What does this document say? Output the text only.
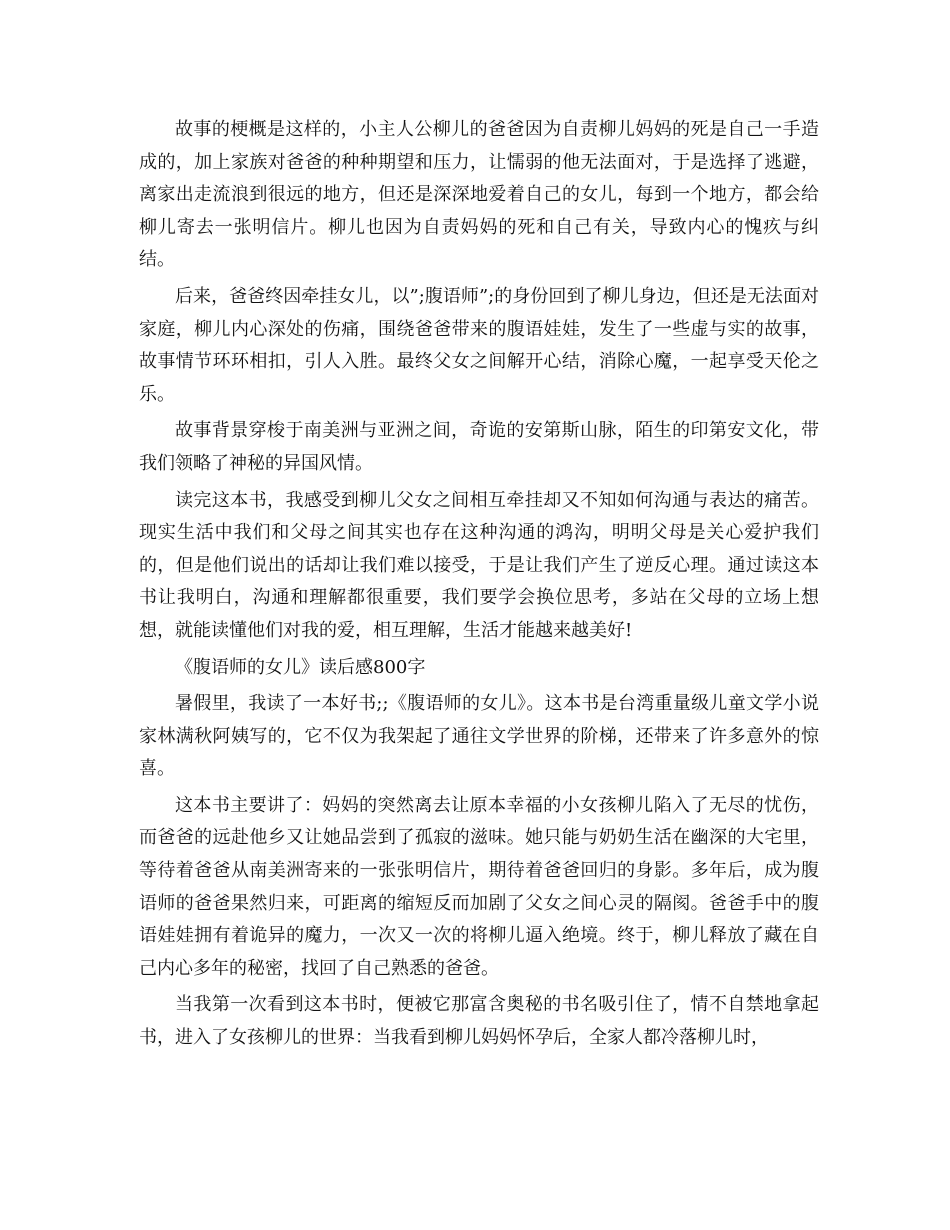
故事的梗概是这样的，小主人公柳儿的爸爸因为自责柳儿妈妈的死是自己一手造成的，加上家族对爸爸的种种期望和压力，让懦弱的他无法面对，于是选择了逃避，离家出走流浪到很远的地方，但还是深深地爱着自己的女儿，每到一个地方，都会给柳儿寄去一张明信片。柳儿也因为自责妈妈的死和自己有关，导致内心的愧疚与纠结。

后来，爸爸终因牵挂女儿，以”;腹语师”;的身份回到了柳儿身边，但还是无法面对家庭，柳儿内心深处的伤痛，围绕爸爸带来的腹语娃娃，发生了一些虚与实的故事，故事情节环环相扣，引人入胜。最终父女之间解开心结，消除心魔，一起享受天伦之乐。

故事背景穿梭于南美洲与亚洲之间，奇诡的安第斯山脉，陌生的印第安文化，带我们领略了神秘的异国风情。

读完这本书，我感受到柳儿父女之间相互牵挂却又不知如何沟通与表达的痛苦。现实生活中我们和父母之间其实也存在这种沟通的鸿沟，明明父母是关心爱护我们的，但是他们说出的话却让我们难以接受，于是让我们产生了逆反心理。通过读这本书让我明白，沟通和理解都很重要，我们要学会换位思考，多站在父母的立场上想想，就能读懂他们对我的爱，相互理解，生活才能越来越美好!

《腹语师的女儿》读后感800字

暑假里，我读了一本好书;;《腹语师的女儿》。这本书是台湾重量级儿童文学小说家林满秋阿姨写的，它不仅为我架起了通往文学世界的阶梯，还带来了许多意外的惊喜。

这本书主要讲了：妈妈的突然离去让原本幸福的小女孩柳儿陷入了无尽的忧伤，而爸爸的远赴他乡又让她品尝到了孤寂的滋味。她只能与奶奶生活在幽深的大宅里，等待着爸爸从南美洲寄来的一张张明信片，期待着爸爸回归的身影。多年后，成为腹语师的爸爸果然归来，可距离的缩短反而加剧了父女之间心灵的隔阂。爸爸手中的腹语娃娃拥有着诡异的魔力，一次又一次的将柳儿逼入绝境。终于，柳儿释放了藏在自己内心多年的秘密，找回了自己熟悉的爸爸。

当我第一次看到这本书时，便被它那富含奥秘的书名吸引住了，情不自禁地拿起书，进入了女孩柳儿的世界：当我看到柳儿妈妈怀孕后，全家人都冷落柳儿时，
